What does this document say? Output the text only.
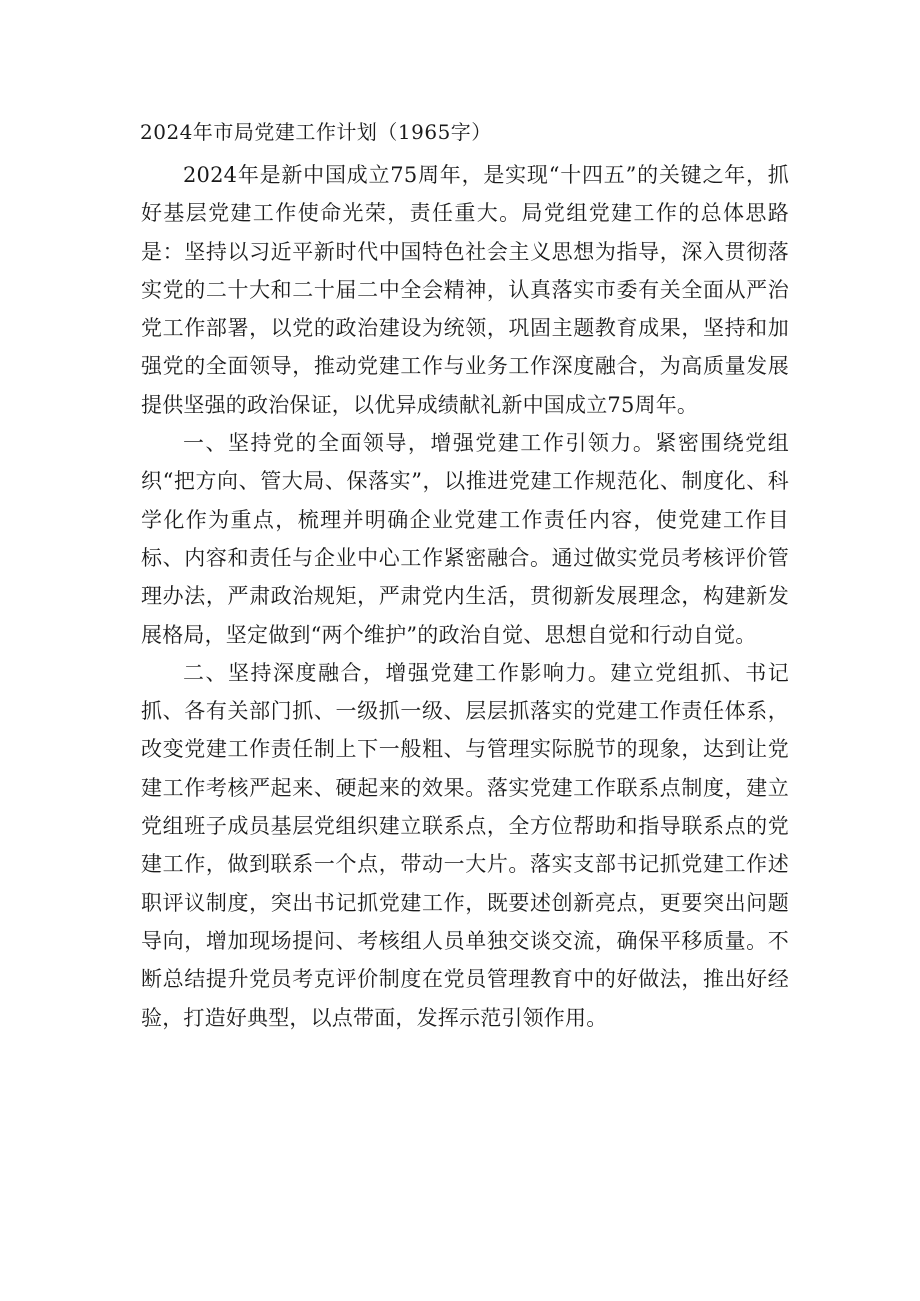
2024年市局党建工作计划（1965字）

2024年是新中国成立75周年，是实现“十四五”的关键之年，抓好基层党建工作使命光荣，责任重大。局党组党建工作的总体思路是：坚持以习近平新时代中国特色社会主义思想为指导，深入贯彻落实党的二十大和二十届二中全会精神，认真落实市委有关全面从严治党工作部署，以党的政治建设为统领，巩固主题教育成果，坚持和加强党的全面领导，推动党建工作与业务工作深度融合，为高质量发展提供坚强的政治保证，以优异成绩献礼新中国成立75周年。

一、坚持党的全面领导，增强党建工作引领力。紧密围绕党组织“把方向、管大局、保落实”，以推进党建工作规范化、制度化、科学化作为重点，梳理并明确企业党建工作责任内容，使党建工作目标、内容和责任与企业中心工作紧密融合。通过做实党员考核评价管理办法，严肃政治规矩，严肃党内生活，贯彻新发展理念，构建新发展格局，坚定做到“两个维护”的政治自觉、思想自觉和行动自觉。

二、坚持深度融合，增强党建工作影响力。建立党组抓、书记抓、各有关部门抓、一级抓一级、层层抓落实的党建工作责任体系，改变党建工作责任制上下一般粗、与管理实际脱节的现象，达到让党建工作考核严起来、硬起来的效果。落实党建工作联系点制度，建立党组班子成员基层党组织建立联系点，全方位帮助和指导联系点的党建工作，做到联系一个点，带动一大片。落实支部书记抓党建工作述职评议制度，突出书记抓党建工作，既要述创新亮点，更要突出问题导向，增加现场提问、考核组人员单独交谈交流，确保平移质量。不断总结提升党员考克评价制度在党员管理教育中的好做法，推出好经验，打造好典型，以点带面，发挥示范引领作用。
